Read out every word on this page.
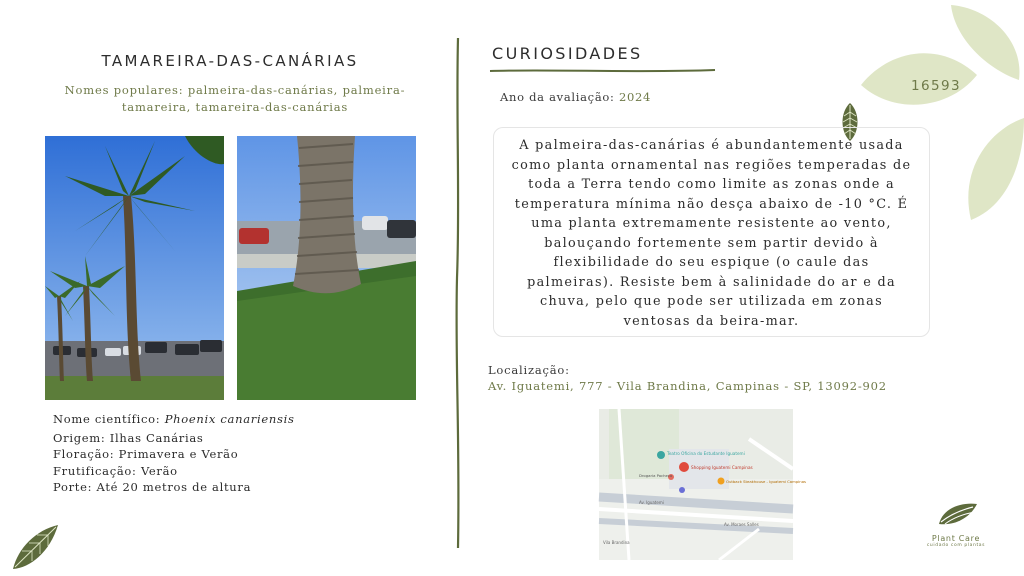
16593
TAMAREIRA-DAS-CANÁRIAS
Nomes populares: palmeira-das-canárias, palmeira-tamareira, tamareira-das-canárias
Nome científico: Phoenix canariensis
Origem: Ilhas Canárias
Floração: Primavera e Verão
Frutificação: Verão
Porte: Até 20 metros de altura
CURIOSIDADES
Ano da avaliação: 2024
A palmeira-das-canárias é abundantemente usada como planta ornamental nas regiões temperadas de toda a Terra tendo como limite as zonas onde a temperatura mínima não desça abaixo de -10 °C. É uma planta extremamente resistente ao vento, balouçando fortemente sem partir devido à flexibilidade do seu espique (o caule das palmeiras). Resiste bem à salinidade do ar e da chuva, pelo que pode ser utilizada em zonas ventosas da beira-mar.
Localização:
Av. Iguatemi, 777 - Vila Brandina, Campinas - SP, 13092-902
Teatro Oficina do Estudante Iguatemi
Shopping Iguatemi Campinas
Drogaria Pacheco
Outback Steakhouse - Iguatemi Campinas
Av. Iguatemi
Av. Moraes Salles
Vila Brandina	Plant Care
cuidado com plantas
